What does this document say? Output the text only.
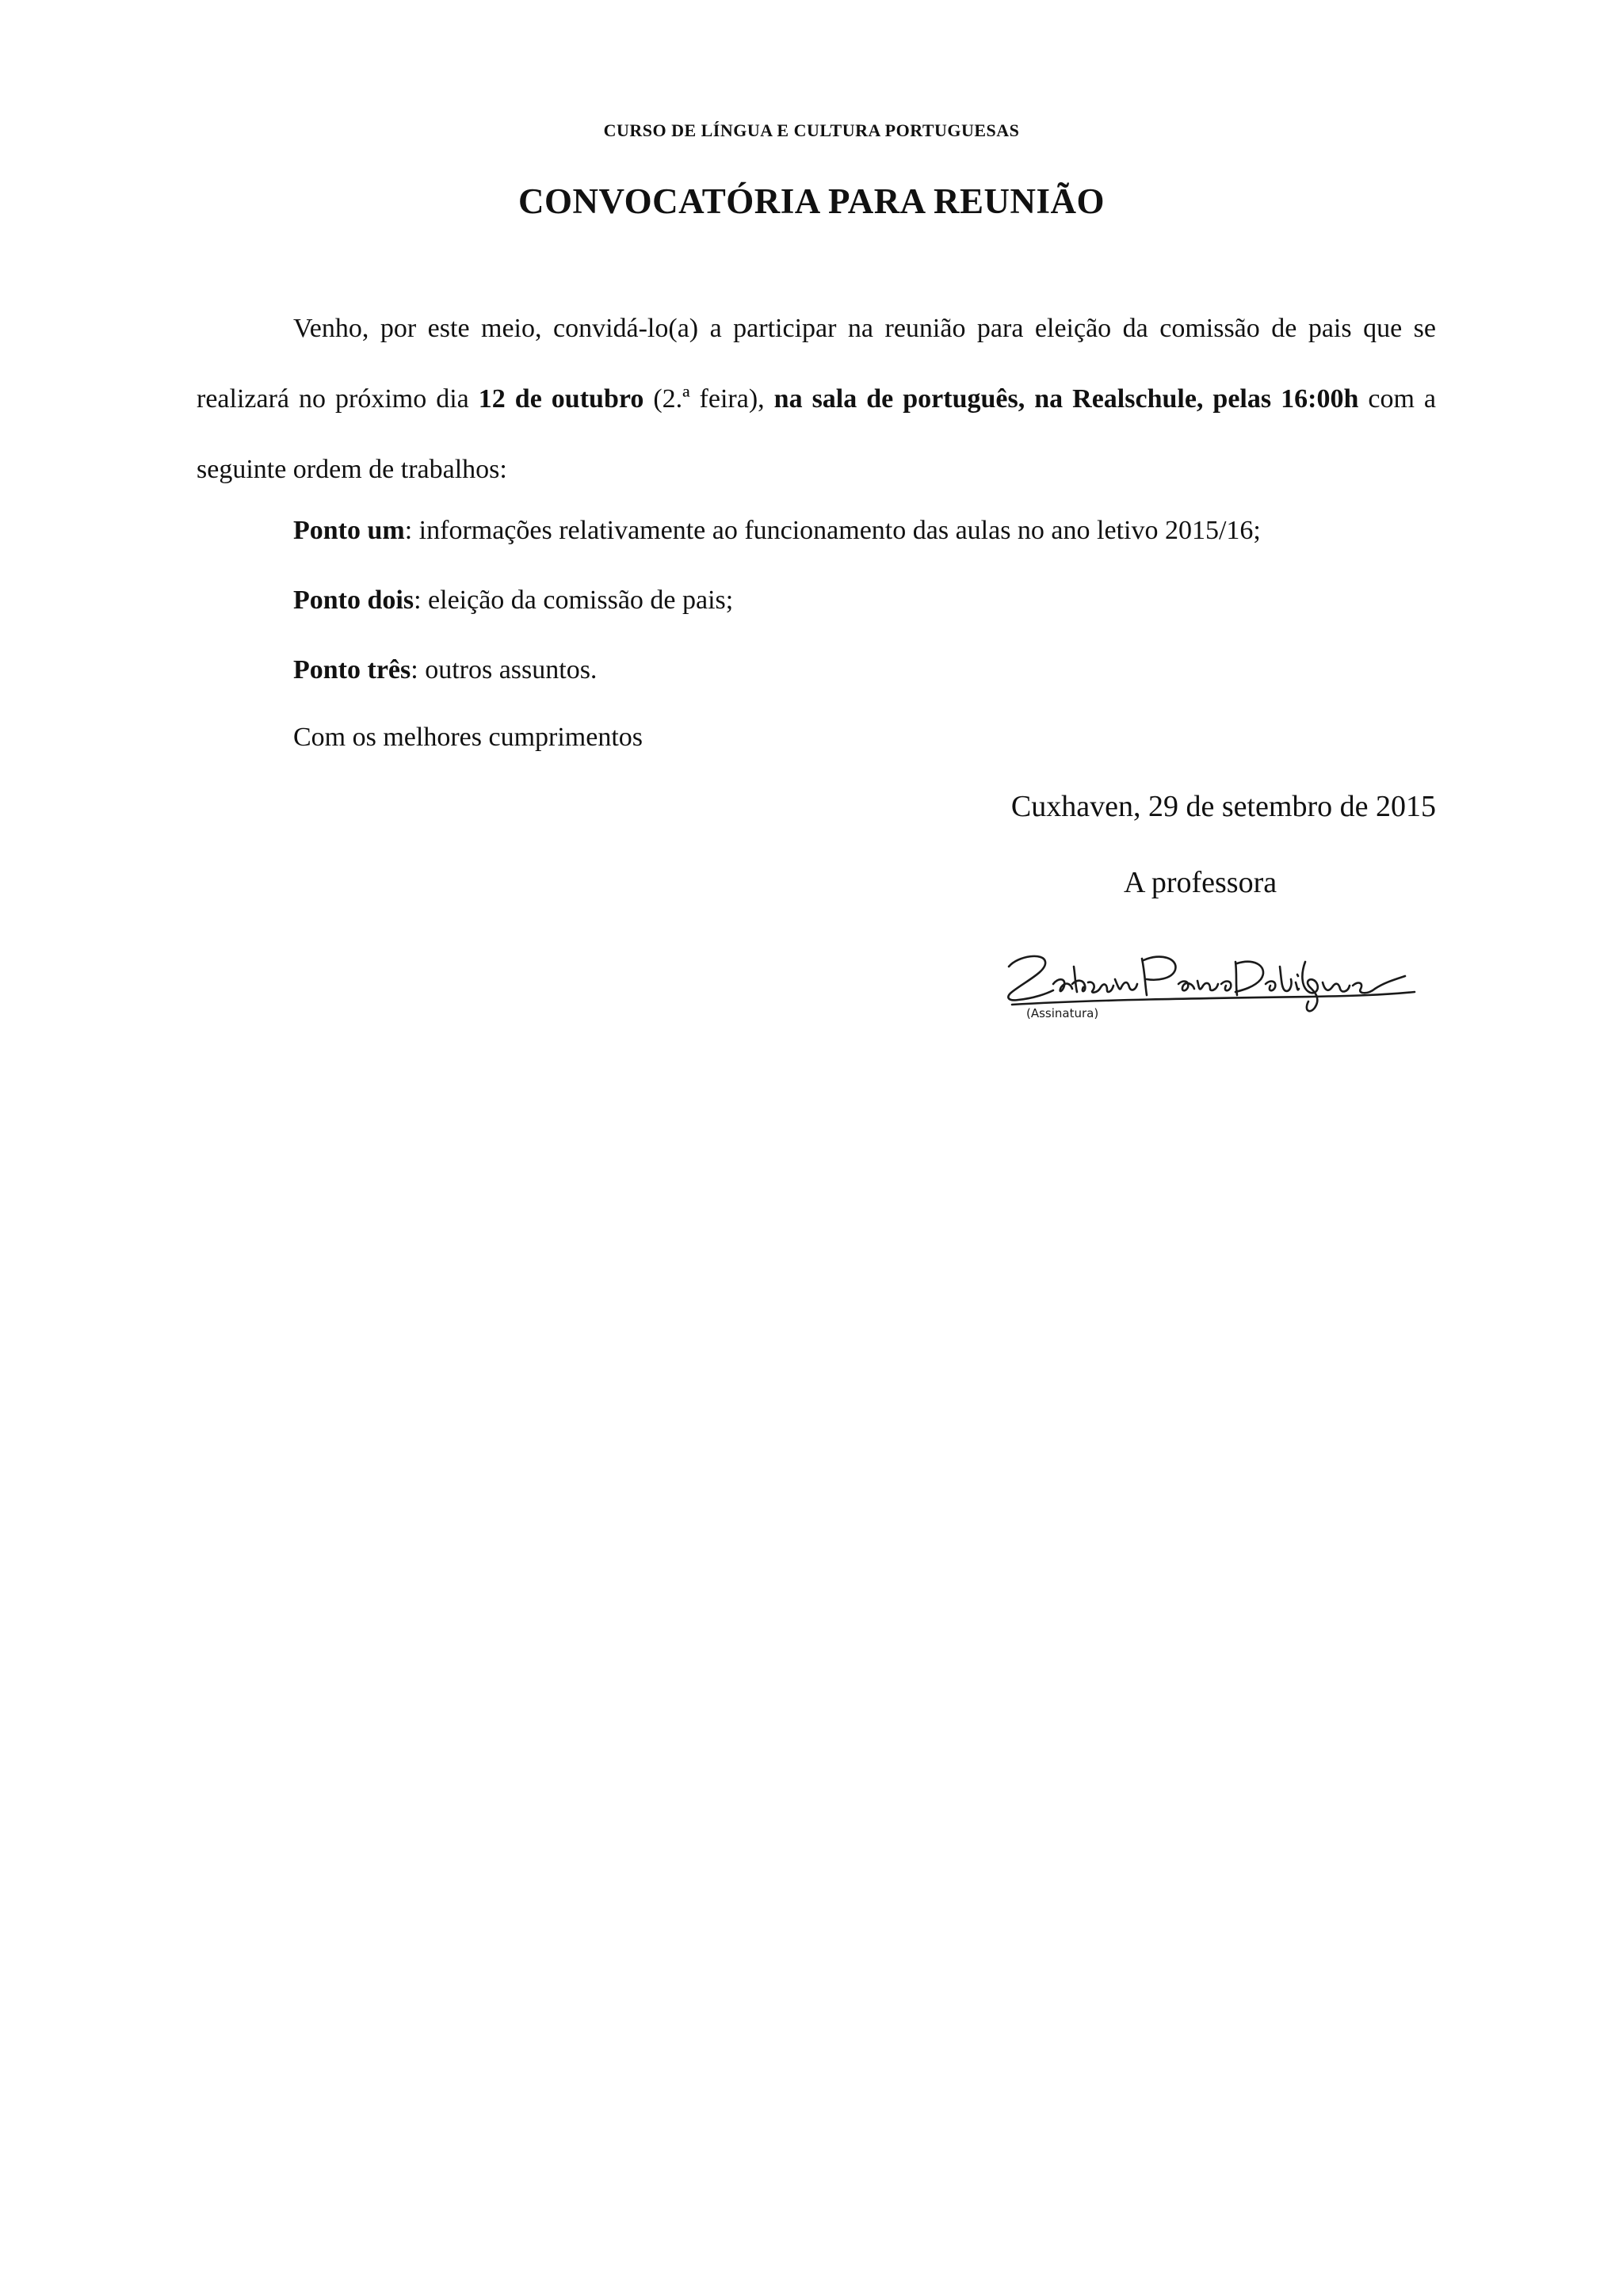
CURSO DE LÍNGUA E CULTURA PORTUGUESAS
CONVOCATÓRIA PARA REUNIÃO

Venho, por este meio, convidá-lo(a) a participar na reunião para eleição da comissão de pais que se realizará no próximo dia 12 de outubro (2.ª feira), na sala de português, na Realschule, pelas 16:00h com a seguinte ordem de trabalhos:

Ponto um: informações relativamente ao funcionamento das aulas no ano letivo 2015/16;

Ponto dois: eleição da comissão de pais;

Ponto três: outros assuntos.

Com os melhores cumprimentos

Cuxhaven, 29 de setembro de 2015

A professora

(Assinatura)
